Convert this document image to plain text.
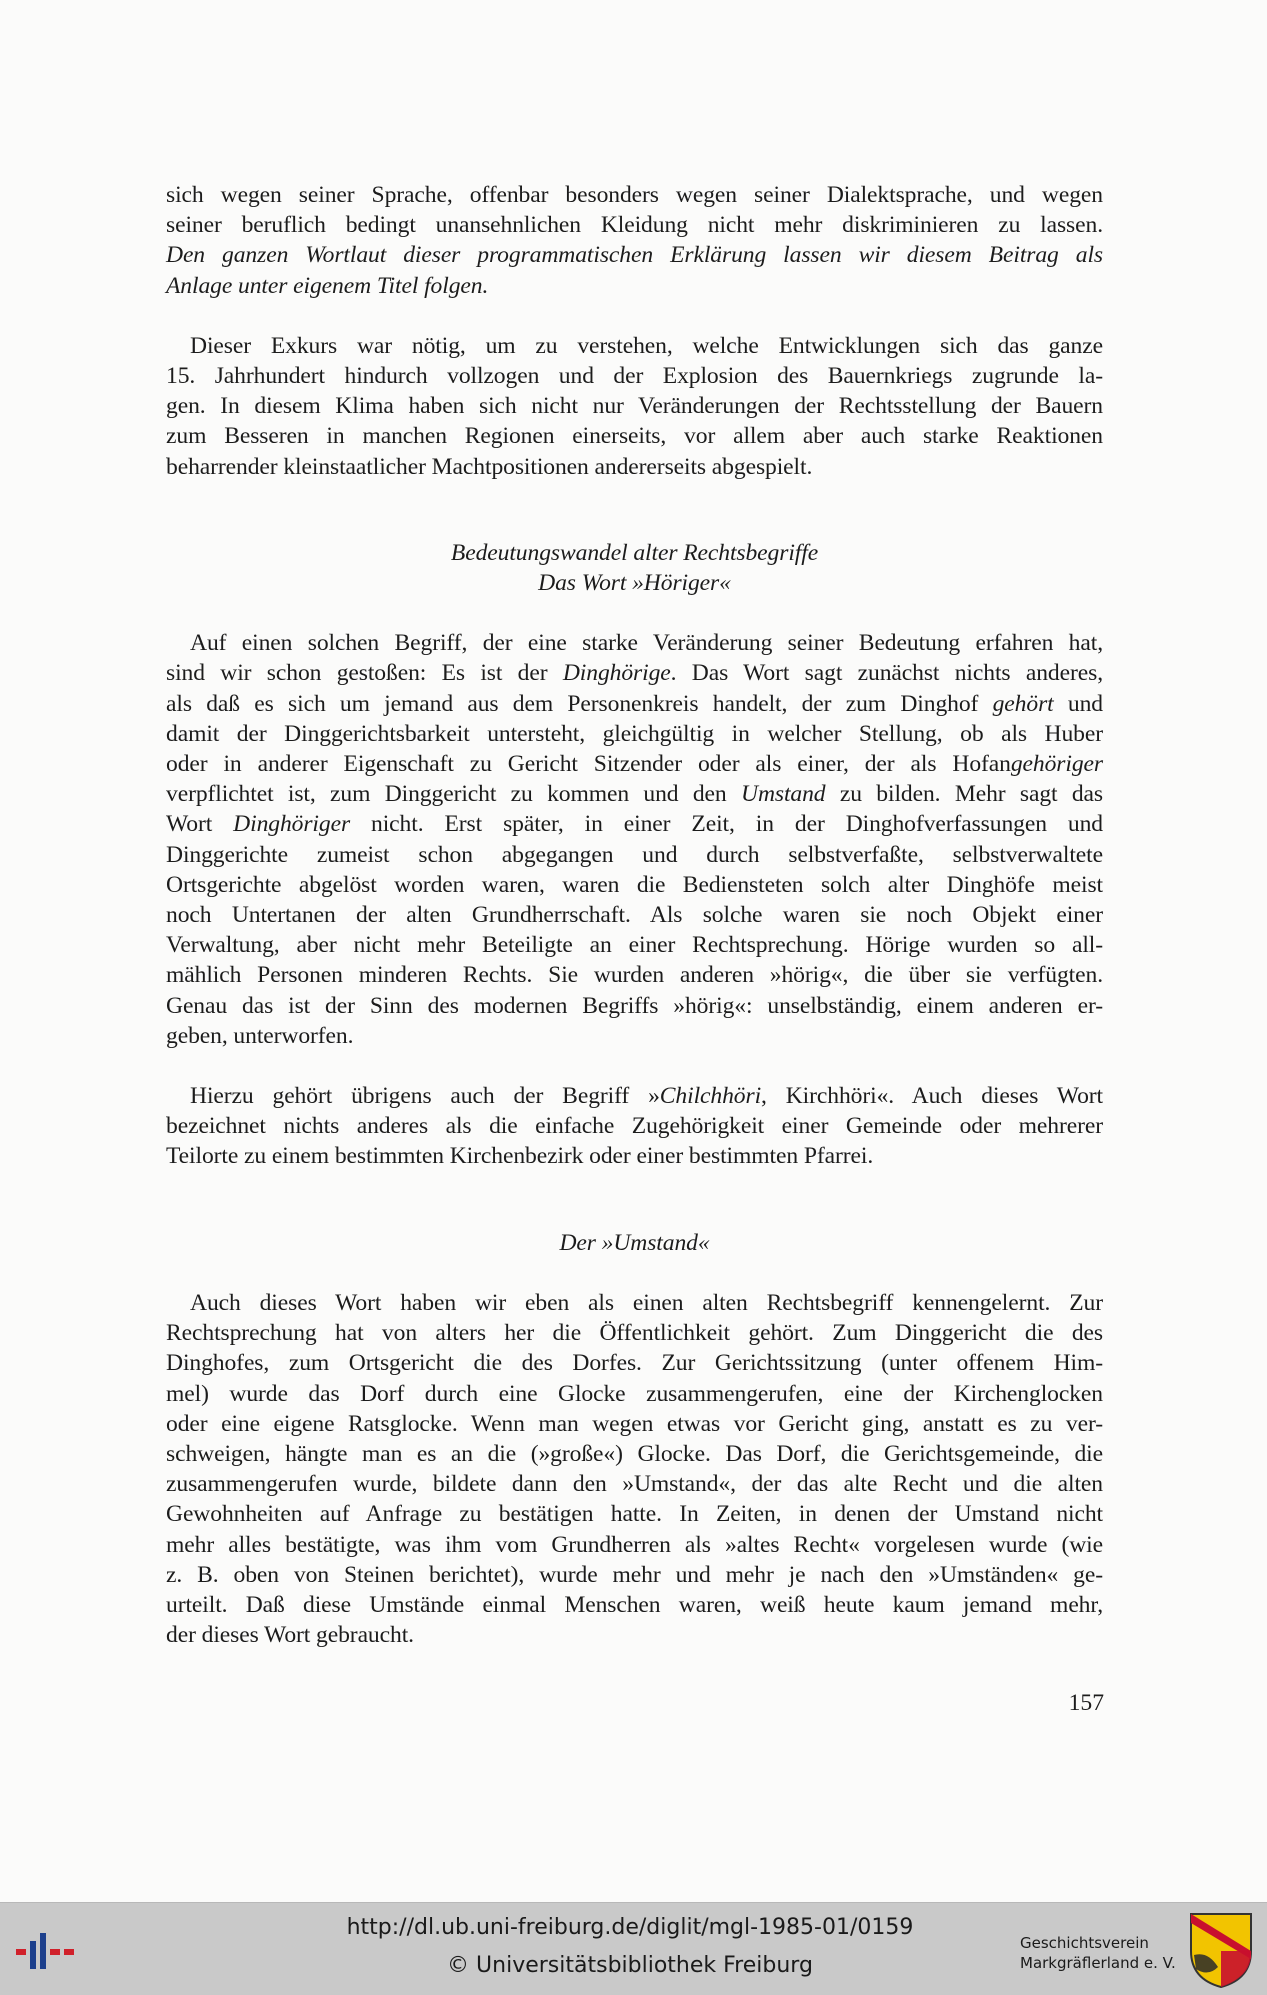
sich wegen seiner Sprache, offenbar besonders wegen seiner Dialektsprache, und wegen
seiner beruflich bedingt unansehnlichen Kleidung nicht mehr diskriminieren zu lassen.
Den ganzen Wortlaut dieser programmatischen Erklärung lassen wir diesem Beitrag als
Anlage unter eigenem Titel folgen.

Dieser Exkurs war nötig, um zu verstehen, welche Entwicklungen sich das ganze
15. Jahrhundert hindurch vollzogen und der Explosion des Bauernkriegs zugrunde la-
gen. In diesem Klima haben sich nicht nur Veränderungen der Rechtsstellung der Bauern
zum Besseren in manchen Regionen einerseits, vor allem aber auch starke Reaktionen
beharrender kleinstaatlicher Machtpositionen andererseits abgespielt.

Bedeutungswandel alter Rechtsbegriffe
Das Wort »Höriger«

Auf einen solchen Begriff, der eine starke Veränderung seiner Bedeutung erfahren hat,
sind wir schon gestoßen: Es ist der Dinghörige. Das Wort sagt zunächst nichts anderes,
als daß es sich um jemand aus dem Personenkreis handelt, der zum Dinghof gehört und
damit der Dinggerichtsbarkeit untersteht, gleichgültig in welcher Stellung, ob als Huber
oder in anderer Eigenschaft zu Gericht Sitzender oder als einer, der als Hofangehöriger
verpflichtet ist, zum Dinggericht zu kommen und den Umstand zu bilden. Mehr sagt das
Wort Dinghöriger nicht. Erst später, in einer Zeit, in der Dinghofverfassungen und
Dinggerichte zumeist schon abgegangen und durch selbstverfaßte, selbstverwaltete
Ortsgerichte abgelöst worden waren, waren die Bediensteten solch alter Dinghöfe meist
noch Untertanen der alten Grundherrschaft. Als solche waren sie noch Objekt einer
Verwaltung, aber nicht mehr Beteiligte an einer Rechtsprechung. Hörige wurden so all-
mählich Personen minderen Rechts. Sie wurden anderen »hörig«, die über sie verfügten.
Genau das ist der Sinn des modernen Begriffs »hörig«: unselbständig, einem anderen er-
geben, unterworfen.

Hierzu gehört übrigens auch der Begriff »Chilchhöri, Kirchhöri«. Auch dieses Wort
bezeichnet nichts anderes als die einfache Zugehörigkeit einer Gemeinde oder mehrerer
Teilorte zu einem bestimmten Kirchenbezirk oder einer bestimmten Pfarrei.

Der »Umstand«

Auch dieses Wort haben wir eben als einen alten Rechtsbegriff kennengelernt. Zur
Rechtsprechung hat von alters her die Öffentlichkeit gehört. Zum Dinggericht die des
Dinghofes, zum Ortsgericht die des Dorfes. Zur Gerichtssitzung (unter offenem Him-
mel) wurde das Dorf durch eine Glocke zusammengerufen, eine der Kirchenglocken
oder eine eigene Ratsglocke. Wenn man wegen etwas vor Gericht ging, anstatt es zu ver-
schweigen, hängte man es an die (»große«) Glocke. Das Dorf, die Gerichtsgemeinde, die
zusammengerufen wurde, bildete dann den »Umstand«, der das alte Recht und die alten
Gewohnheiten auf Anfrage zu bestätigen hatte. In Zeiten, in denen der Umstand nicht
mehr alles bestätigte, was ihm vom Grundherren als »altes Recht« vorgelesen wurde (wie
z. B. oben von Steinen berichtet), wurde mehr und mehr je nach den »Umständen« ge-
urteilt. Daß diese Umstände einmal Menschen waren, weiß heute kaum jemand mehr,
der dieses Wort gebraucht.

157
http://dl.ub.uni-freiburg.de/diglit/mgl-1985-01/0159
© Universitätsbibliothek Freiburg
Geschichtsverein
Markgräflerland e. V.
